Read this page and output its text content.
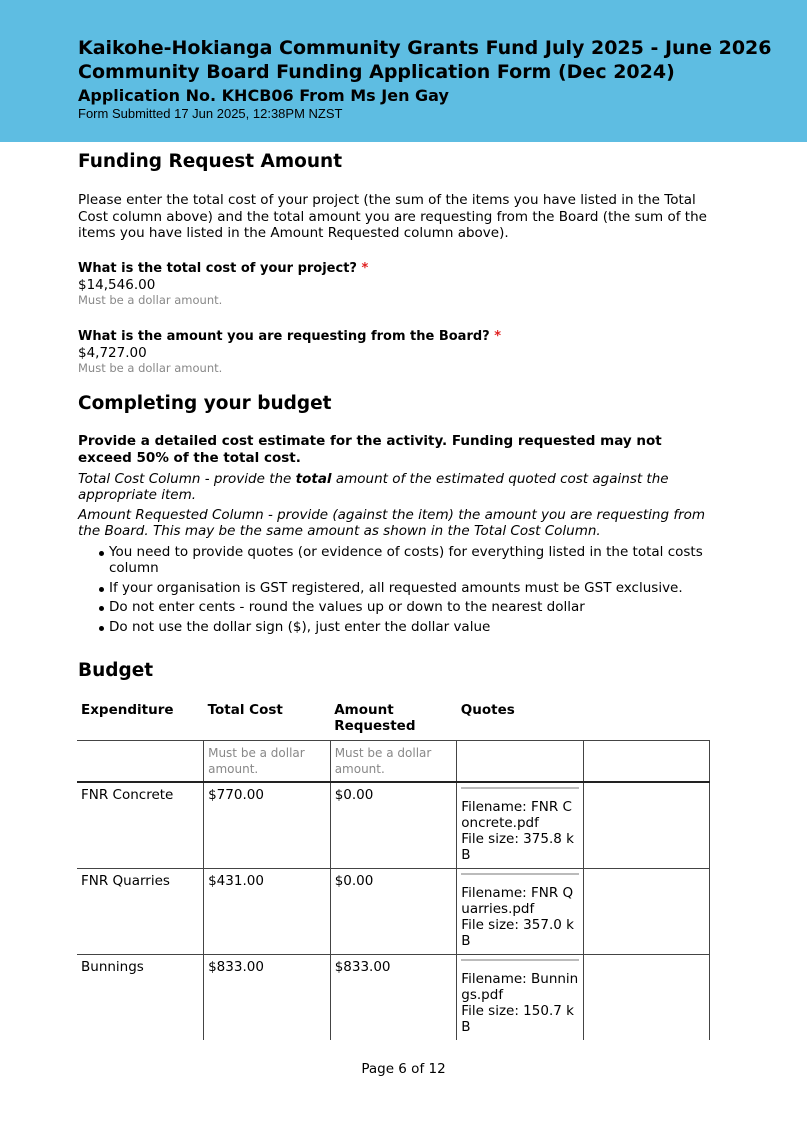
Kaikohe-Hokianga Community Grants Fund July 2025 - June 2026
Community Board Funding Application Form (Dec 2024)
Application No. KHCB06 From Ms Jen Gay
Form Submitted 17 Jun 2025, 12:38PM NZST
Funding Request Amount

Please enter the total cost of your project (the sum of the items you have listed in the Total Cost column above) and the total amount you are requesting from the Board (the sum of the items you have listed in the Amount Requested column above).

What is the total cost of your project? *
$14,546.00
Must be a dollar amount.
What is the amount you are requesting from the Board? *
$4,727.00
Must be a dollar amount.
Completing your budget

Provide a detailed cost estimate for the activity. Funding requested may not exceed 50% of the total cost.

Total Cost Column - provide the total amount of the estimated quoted cost against the appropriate item.

Amount Requested Column - provide (against the item) the amount you are requesting from the Board. This may be the same amount as shown in the Total Cost Column.

You need to provide quotes (or evidence of costs) for everything listed in the total costs column
If your organisation is GST registered, all requested amounts must be GST exclusive.
Do not enter cents - round the values up or down to the nearest dollar
Do not use the dollar sign ($), just enter the dollar value
Budget
Expenditure	Total Cost	Amount Requested	Quotes	
	Must be a dollar amount.	Must be a dollar amount.		
FNR Concrete	$770.00	$0.00	Filename: FNR Concrete.pdf
File size: 375.8 kB	

FNR Quarries	$431.00	$0.00	Filename: FNR Quarries.pdf
File size: 357.0 kB	

Bunnings	$833.00	$833.00	Filename: Bunnings.pdf
File size: 150.7 kB	

Page 6 of 12
